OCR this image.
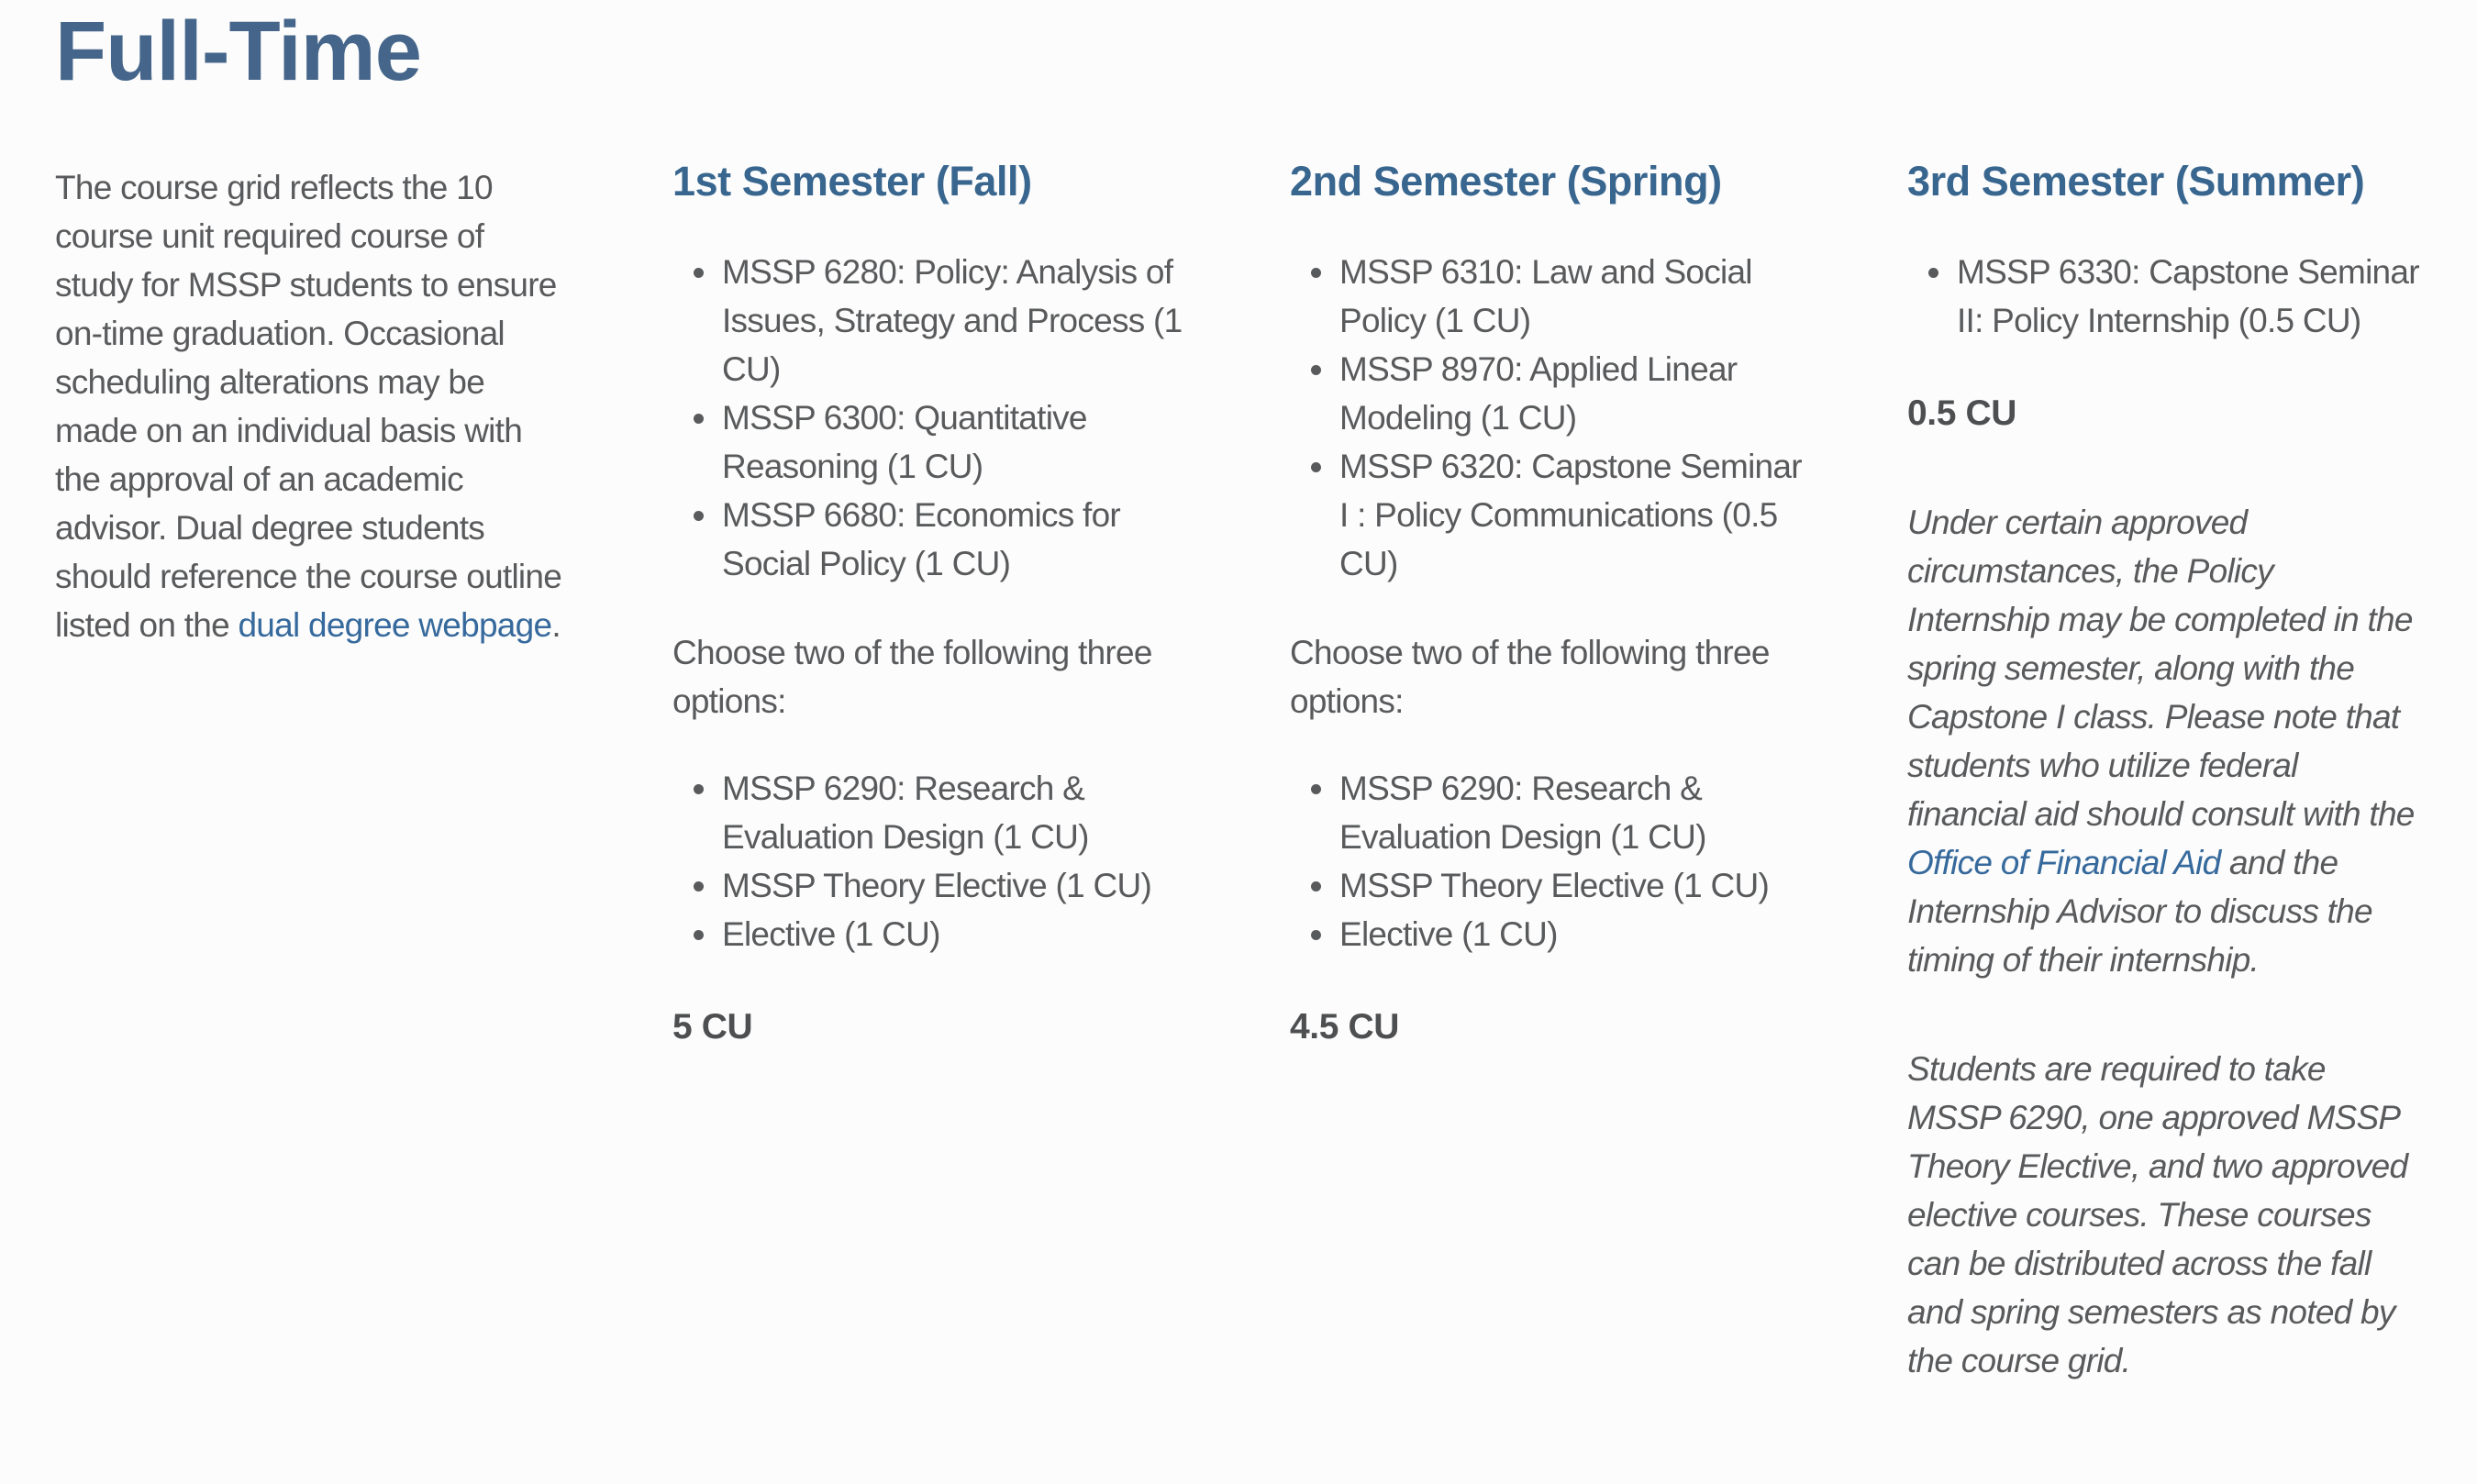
Full-Time

The course grid reflects the 10 course unit required course of study for MSSP students to ensure on-time graduation. Occasional scheduling alterations may be made on an individual basis with the approval of an academic advisor. Dual degree students should reference the course outline listed on the dual degree webpage.

1st Semester (Fall)
• MSSP 6280: Policy: Analysis of Issues, Strategy and Process (1 CU)
• MSSP 6300: Quantitative Reasoning (1 CU)
• MSSP 6680: Economics for Social Policy (1 CU)

Choose two of the following three options:

• MSSP 6290: Research & Evaluation Design (1 CU)
• MSSP Theory Elective (1 CU)
• Elective (1 CU)

5 CU

2nd Semester (Spring)
• MSSP 6310: Law and Social Policy (1 CU)
• MSSP 8970: Applied Linear Modeling (1 CU)
• MSSP 6320: Capstone Seminar I : Policy Communications (0.5 CU)

Choose two of the following three options:

• MSSP 6290: Research & Evaluation Design (1 CU)
• MSSP Theory Elective (1 CU)
• Elective (1 CU)

4.5 CU

3rd Semester (Summer)
• MSSP 6330: Capstone Seminar II: Policy Internship (0.5 CU)

0.5 CU

Under certain approved circumstances, the Policy Internship may be completed in the spring semester, along with the Capstone I class. Please note that students who utilize federal financial aid should consult with the Office of Financial Aid and the Internship Advisor to discuss the timing of their internship.

Students are required to take MSSP 6290, one approved MSSP Theory Elective, and two approved elective courses. These courses can be distributed across the fall and spring semesters as noted by the course grid.
